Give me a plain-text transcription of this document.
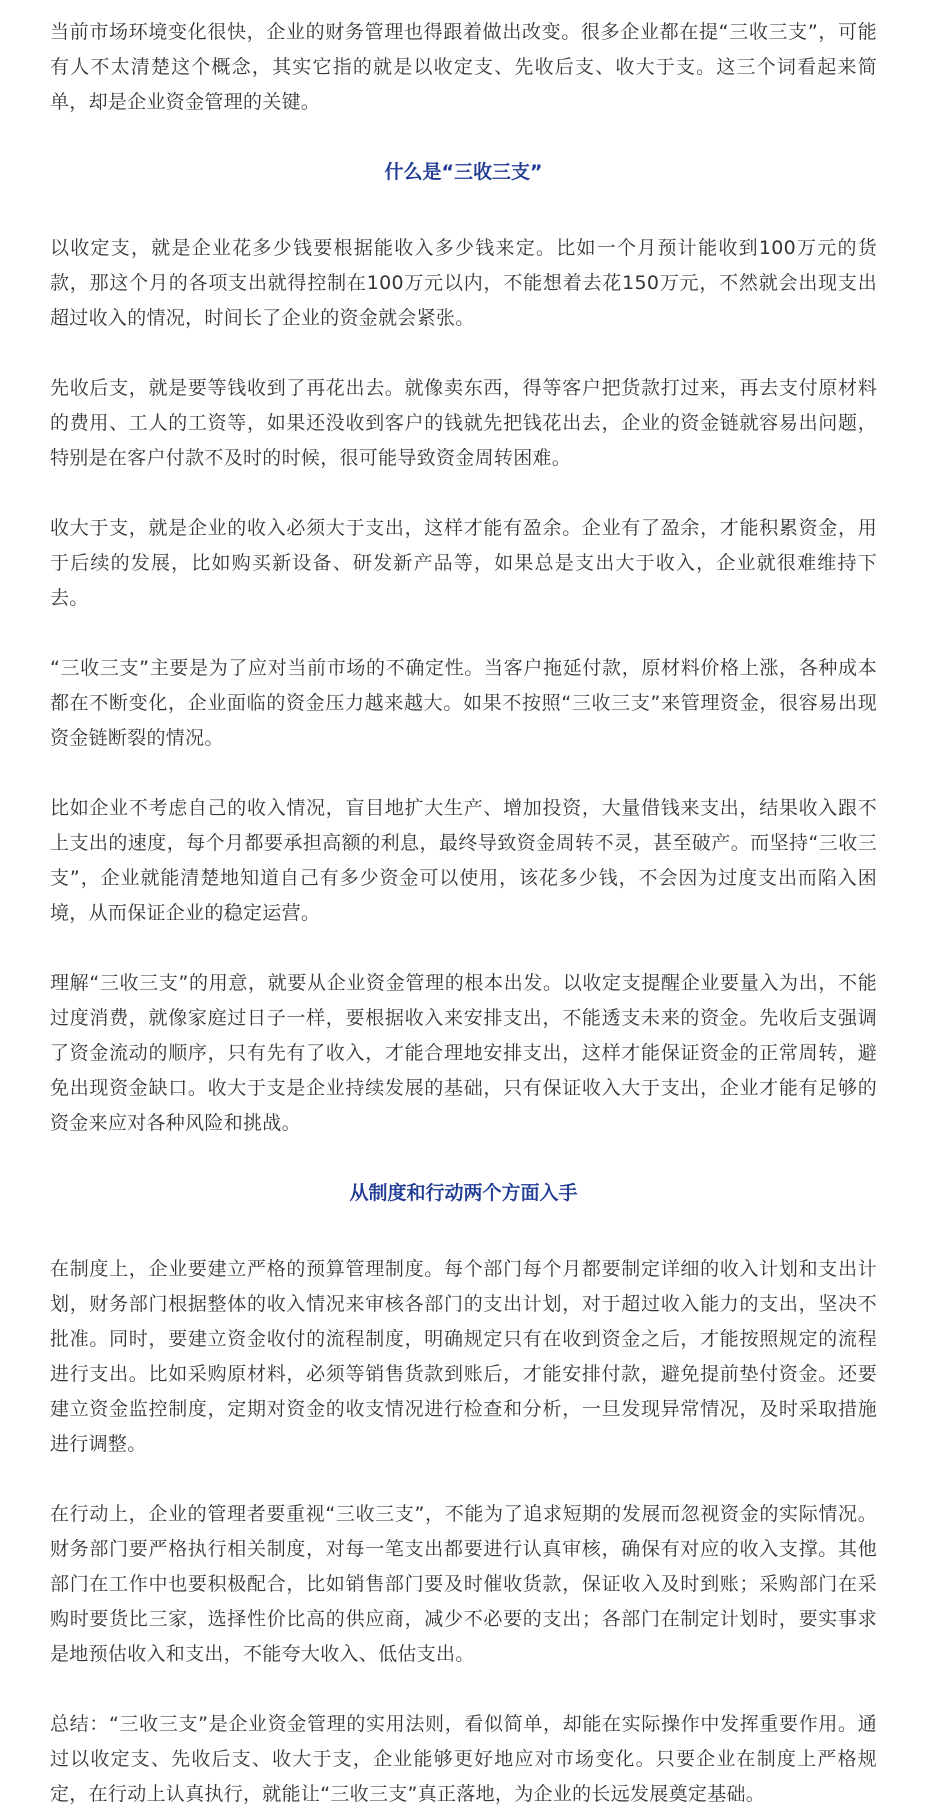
当前市场环境变化很快，企业的财务管理也得跟着做出改变。很多企业都在提“三收三支”，可能有人不太清楚这个概念，其实它指的就是以收定支、先收后支、收大于支。这三个词看起来简单，却是企业资金管理的关键。

什么是“三收三支”

以收定支，就是企业花多少钱要根据能收入多少钱来定。比如一个月预计能收到100万元的货款，那这个月的各项支出就得控制在100万元以内，不能想着去花150万元，不然就会出现支出超过收入的情况，时间长了企业的资金就会紧张。

先收后支，就是要等钱收到了再花出去。就像卖东西，得等客户把货款打过来，再去支付原材料的费用、工人的工资等，如果还没收到客户的钱就先把钱花出去，企业的资金链就容易出问题，特别是在客户付款不及时的时候，很可能导致资金周转困难。

收大于支，就是企业的收入必须大于支出，这样才能有盈余。企业有了盈余，才能积累资金，用于后续的发展，比如购买新设备、研发新产品等，如果总是支出大于收入，企业就很难维持下去。

“三收三支”主要是为了应对当前市场的不确定性。当客户拖延付款，原材料价格上涨，各种成本都在不断变化，企业面临的资金压力越来越大。如果不按照“三收三支”来管理资金，很容易出现资金链断裂的情况。

比如企业不考虑自己的收入情况，盲目地扩大生产、增加投资，大量借钱来支出，结果收入跟不上支出的速度，每个月都要承担高额的利息，最终导致资金周转不灵，甚至破产。而坚持“三收三支”，企业就能清楚地知道自己有多少资金可以使用，该花多少钱，不会因为过度支出而陷入困境，从而保证企业的稳定运营。

理解“三收三支”的用意，就要从企业资金管理的根本出发。以收定支提醒企业要量入为出，不能过度消费，就像家庭过日子一样，要根据收入来安排支出，不能透支未来的资金。先收后支强调了资金流动的顺序，只有先有了收入，才能合理地安排支出，这样才能保证资金的正常周转，避免出现资金缺口。收大于支是企业持续发展的基础，只有保证收入大于支出，企业才能有足够的资金来应对各种风险和挑战。

从制度和行动两个方面入手

在制度上，企业要建立严格的预算管理制度。每个部门每个月都要制定详细的收入计划和支出计划，财务部门根据整体的收入情况来审核各部门的支出计划，对于超过收入能力的支出，坚决不批准。同时，要建立资金收付的流程制度，明确规定只有在收到资金之后，才能按照规定的流程进行支出。比如采购原材料，必须等销售货款到账后，才能安排付款，避免提前垫付资金。还要建立资金监控制度，定期对资金的收支情况进行检查和分析，一旦发现异常情况，及时采取措施进行调整。

在行动上，企业的管理者要重视“三收三支”，不能为了追求短期的发展而忽视资金的实际情况。财务部门要严格执行相关制度，对每一笔支出都要进行认真审核，确保有对应的收入支撑。其他部门在工作中也要积极配合，比如销售部门要及时催收货款，保证收入及时到账；采购部门在采购时要货比三家，选择性价比高的供应商，减少不必要的支出；各部门在制定计划时，要实事求是地预估收入和支出，不能夸大收入、低估支出。

总结：“三收三支”是企业资金管理的实用法则，看似简单，却能在实际操作中发挥重要作用。通过以收定支、先收后支、收大于支，企业能够更好地应对市场变化。只要企业在制度上严格规定，在行动上认真执行，就能让“三收三支”真正落地，为企业的长远发展奠定基础。
